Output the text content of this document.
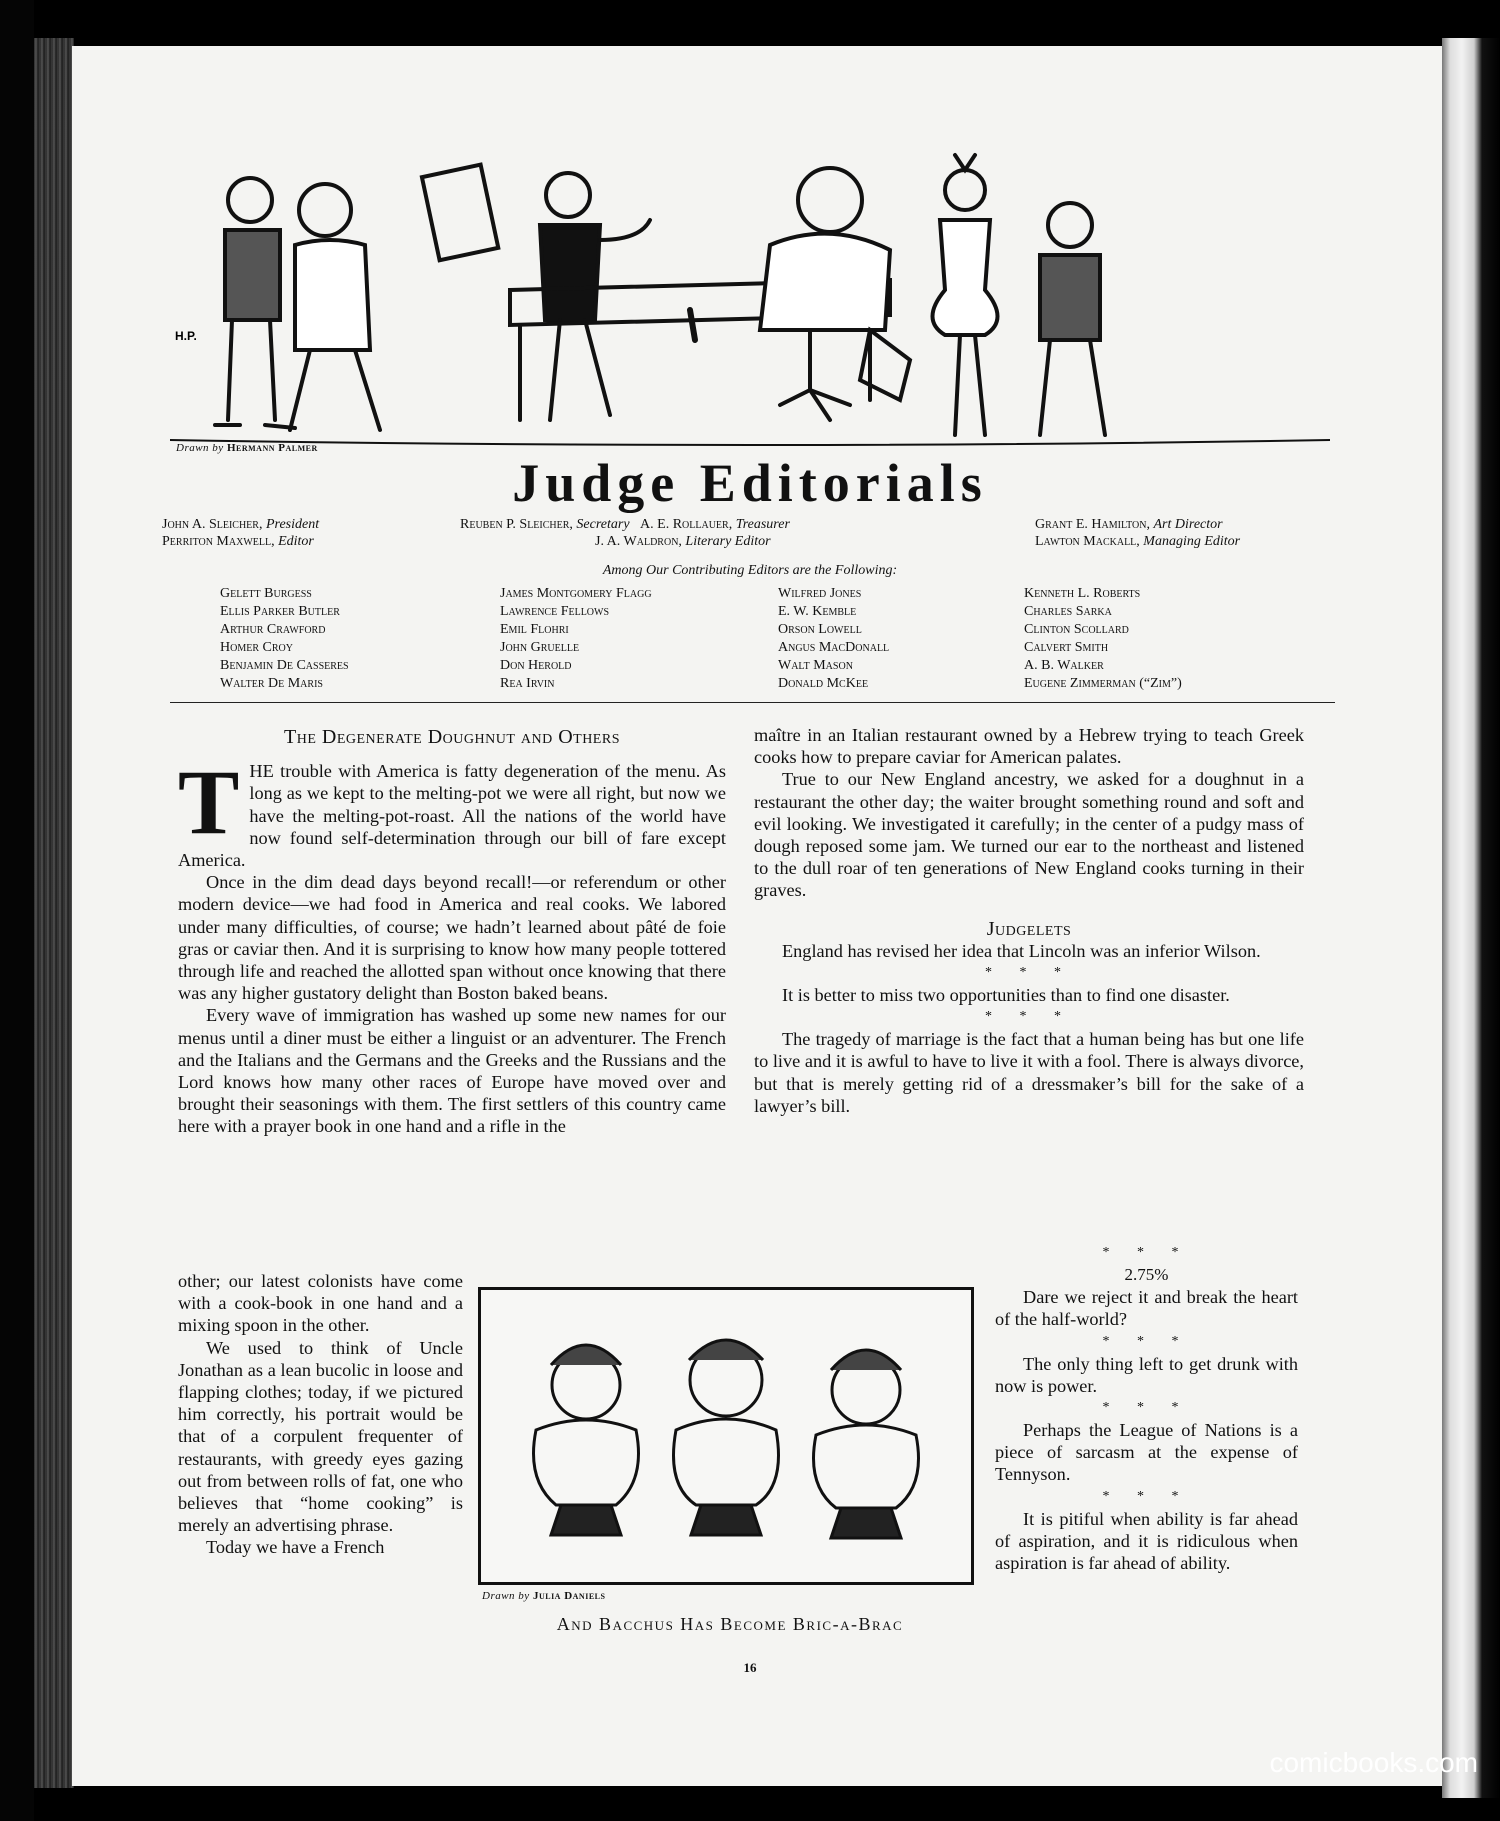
H.P.
Drawn by Hermann Palmer
Judge Editorials
John A. Sleicher, President
Perriton Maxwell, Editor
Reuben P. Sleicher, Secretary A. E. Rollauer, Treasurer
J. A. Waldron, Literary Editor
Grant E. Hamilton, Art Director
Lawton Mackall, Managing Editor
Among Our Contributing Editors are the Following:
Gelett Burgess
Ellis Parker Butler
Arthur Crawford
Homer Croy
Benjamin De Casseres
Walter De Maris
James Montgomery Flagg
Lawrence Fellows
Emil Flohri
John Gruelle
Don Herold
Rea Irvin
Wilfred Jones
E. W. Kemble
Orson Lowell
Angus MacDonall
Walt Mason
Donald McKee
Kenneth L. Roberts
Charles Sarka
Clinton Scollard
Calvert Smith
A. B. Walker
Eugene Zimmerman (“Zim”)
The Degenerate Doughnut and Others

THE trouble with America is fatty degeneration of the menu. As long as we kept to the melting-pot we were all right, but now we have the melting-pot-roast. All the nations of the world have now found self-determination through our bill of fare except America.

Once in the dim dead days beyond recall!—or referendum or other modern device—we had food in America and real cooks. We labored under many difficulties, of course; we hadn’t learned about pâté de foie gras or caviar then. And it is surprising to know how many people tottered through life and reached the allotted span without once knowing that there was any higher gustatory delight than Boston baked beans.

Every wave of immigration has washed up some new names for our menus until a diner must be either a linguist or an adventurer. The French and the Italians and the Germans and the Greeks and the Russians and the Lord knows how many other races of Europe have moved over and brought their seasonings with them. The first settlers of this country came here with a prayer book in one hand and a rifle in the

other; our latest colonists have come with a cook-book in one hand and a mixing spoon in the other.

We used to think of Uncle Jonathan as a lean bucolic in loose and flapping clothes; today, if we pictured him correctly, his portrait would be that of a corpulent frequenter of restaurants, with greedy eyes gazing out from between rolls of fat, one who believes that “home cooking” is merely an advertising phrase.

Today we have a French

maître in an Italian restaurant owned by a Hebrew trying to teach Greek cooks how to prepare caviar for American palates.

True to our New England ancestry, we asked for a doughnut in a restaurant the other day; the waiter brought something round and soft and evil looking. We investigated it carefully; in the center of a pudgy mass of dough reposed some jam. We turned our ear to the northeast and listened to the dull roar of ten generations of New England cooks turning in their graves.

Judgelets

England has revised her idea that Lincoln was an inferior Wilson.

* * *

It is better to miss two opportunities than to find one disaster.

* * *

The tragedy of marriage is the fact that a human being has but one life to live and it is awful to have to live it with a fool. There is always divorce, but that is merely getting rid of a dressmaker’s bill for the sake of a lawyer’s bill.

* * *
2.75%

Dare we reject it and break the heart of the half-world?

* * *

The only thing left to get drunk with now is power.

* * *

Perhaps the League of Nations is a piece of sarcasm at the expense of Tennyson.

* * *

It is pitiful when ability is far ahead of aspiration, and it is ridiculous when aspiration is far ahead of ability.

Drawn by Julia Daniels
And Bacchus Has Become Bric-a-Brac
16
comicbooks.com
